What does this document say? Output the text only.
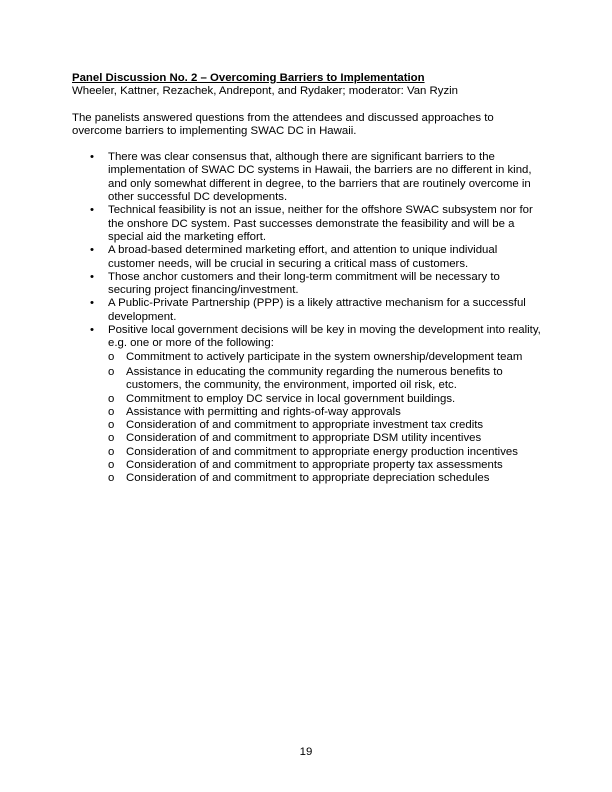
Panel Discussion No. 2 – Overcoming Barriers to Implementation

Wheeler, Kattner, Rezachek, Andrepont, and Rydaker; moderator: Van Ryzin

The panelists answered questions from the attendees and discussed approaches to overcome barriers to implementing SWAC DC in Hawaii.

• There was clear consensus that, although there are significant barriers to the implementation of SWAC DC systems in Hawaii, the barriers are no different in kind, and only somewhat different in degree, to the barriers that are routinely overcome in other successful DC developments.
• Technical feasibility is not an issue, neither for the offshore SWAC subsystem nor for the onshore DC system. Past successes demonstrate the feasibility and will be a special aid the marketing effort.
• A broad-based determined marketing effort, and attention to unique individual customer needs, will be crucial in securing a critical mass of customers.
• Those anchor customers and their long-term commitment will be necessary to securing project financing/investment.
• A Public-Private Partnership (PPP) is a likely attractive mechanism for a successful development.
• Positive local government decisions will be key in moving the development into reality, e.g. one or more of the following:
o Commitment to actively participate in the system ownership/development team
o Assistance in educating the community regarding the numerous benefits to customers, the community, the environment, imported oil risk, etc.
o Commitment to employ DC service in local government buildings.
o Assistance with permitting and rights-of-way approvals
o Consideration of and commitment to appropriate investment tax credits
o Consideration of and commitment to appropriate DSM utility incentives
o Consideration of and commitment to appropriate energy production incentives
o Consideration of and commitment to appropriate property tax assessments
o Consideration of and commitment to appropriate depreciation schedules
19
